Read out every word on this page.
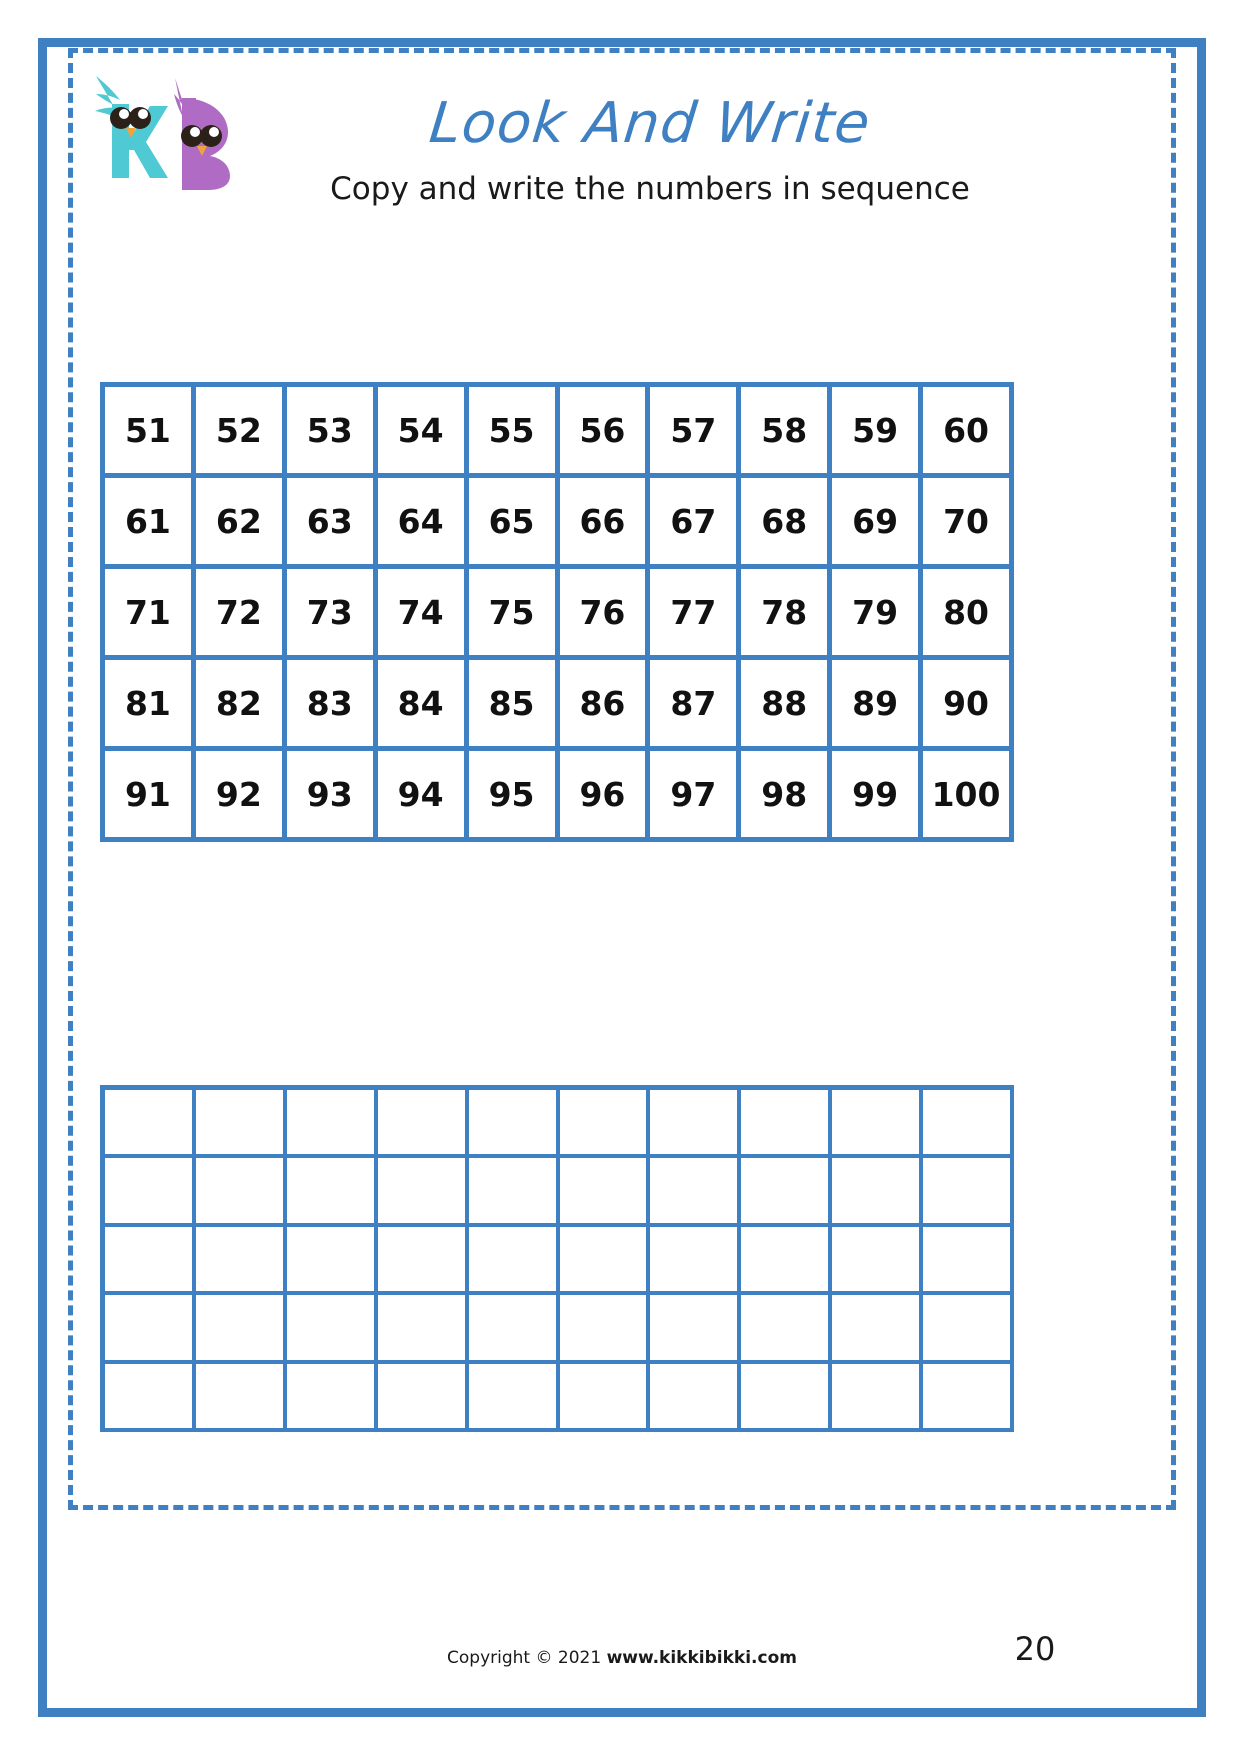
Look And Write
Copy and write the numbers in sequence
51 52 53 54 55 56 57 58 59 60
61 62 63 64 65 66 67 68 69 70
71 72 73 74 75 76 77 78 79 80
81 82 83 84 85 86 87 88 89 90
91 92 93 94 95 96 97 98 99 100
Copyright © 2021 www.kikkibikki.com	20
